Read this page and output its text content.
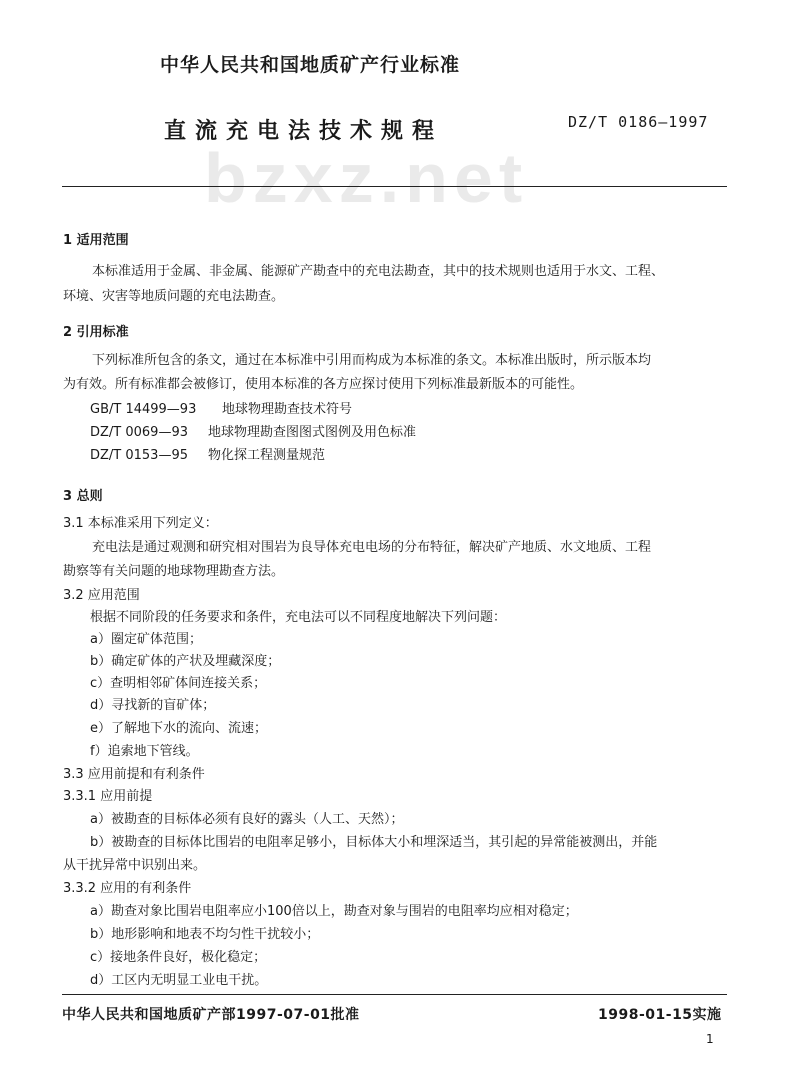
中华人民共和国地质矿产行业标准
bzxz.net
直流充电法技术规程	DZ/T 0186—1997
1 适用范围
本标准适用于金属、非金属、能源矿产勘查中的充电法勘查，其中的技术规则也适用于水文、工程、
环境、灾害等地质问题的充电法勘查。
2 引用标准
下列标准所包含的条文，通过在本标准中引用而构成为本标准的条文。本标准出版时，所示版本均
为有效。所有标准都会被修订，使用本标准的各方应探讨使用下列标准最新版本的可能性。
GB/T 14499—93 地球物理勘查技术符号
DZ/T 0069—93 地球物理勘查图图式图例及用色标准
DZ/T 0153—95 物化探工程测量规范
3 总则
3.1 本标准采用下列定义：
充电法是通过观测和研究相对围岩为良导体充电电场的分布特征，解决矿产地质、水文地质、工程
勘察等有关问题的地球物理勘查方法。
3.2 应用范围
根据不同阶段的任务要求和条件，充电法可以不同程度地解决下列问题：
a）圈定矿体范围；
b）确定矿体的产状及埋藏深度；
c）查明相邻矿体间连接关系；
d）寻找新的盲矿体；
e）了解地下水的流向、流速；
f）追索地下管线。
3.3 应用前提和有利条件
3.3.1 应用前提
a）被勘查的目标体必须有良好的露头（人工、天然）；
b）被勘查的目标体比围岩的电阻率足够小，目标体大小和埋深适当，其引起的异常能被测出，并能
从干扰异常中识别出来。
3.3.2 应用的有利条件
a）勘查对象比围岩电阻率应小100倍以上，勘查对象与围岩的电阻率均应相对稳定；
b）地形影响和地表不均匀性干扰较小；
c）接地条件良好，极化稳定；
中华人民共和国地质矿产部1997-07-01批准	1998-01-15实施
1
d）工区内无明显工业电干扰。
